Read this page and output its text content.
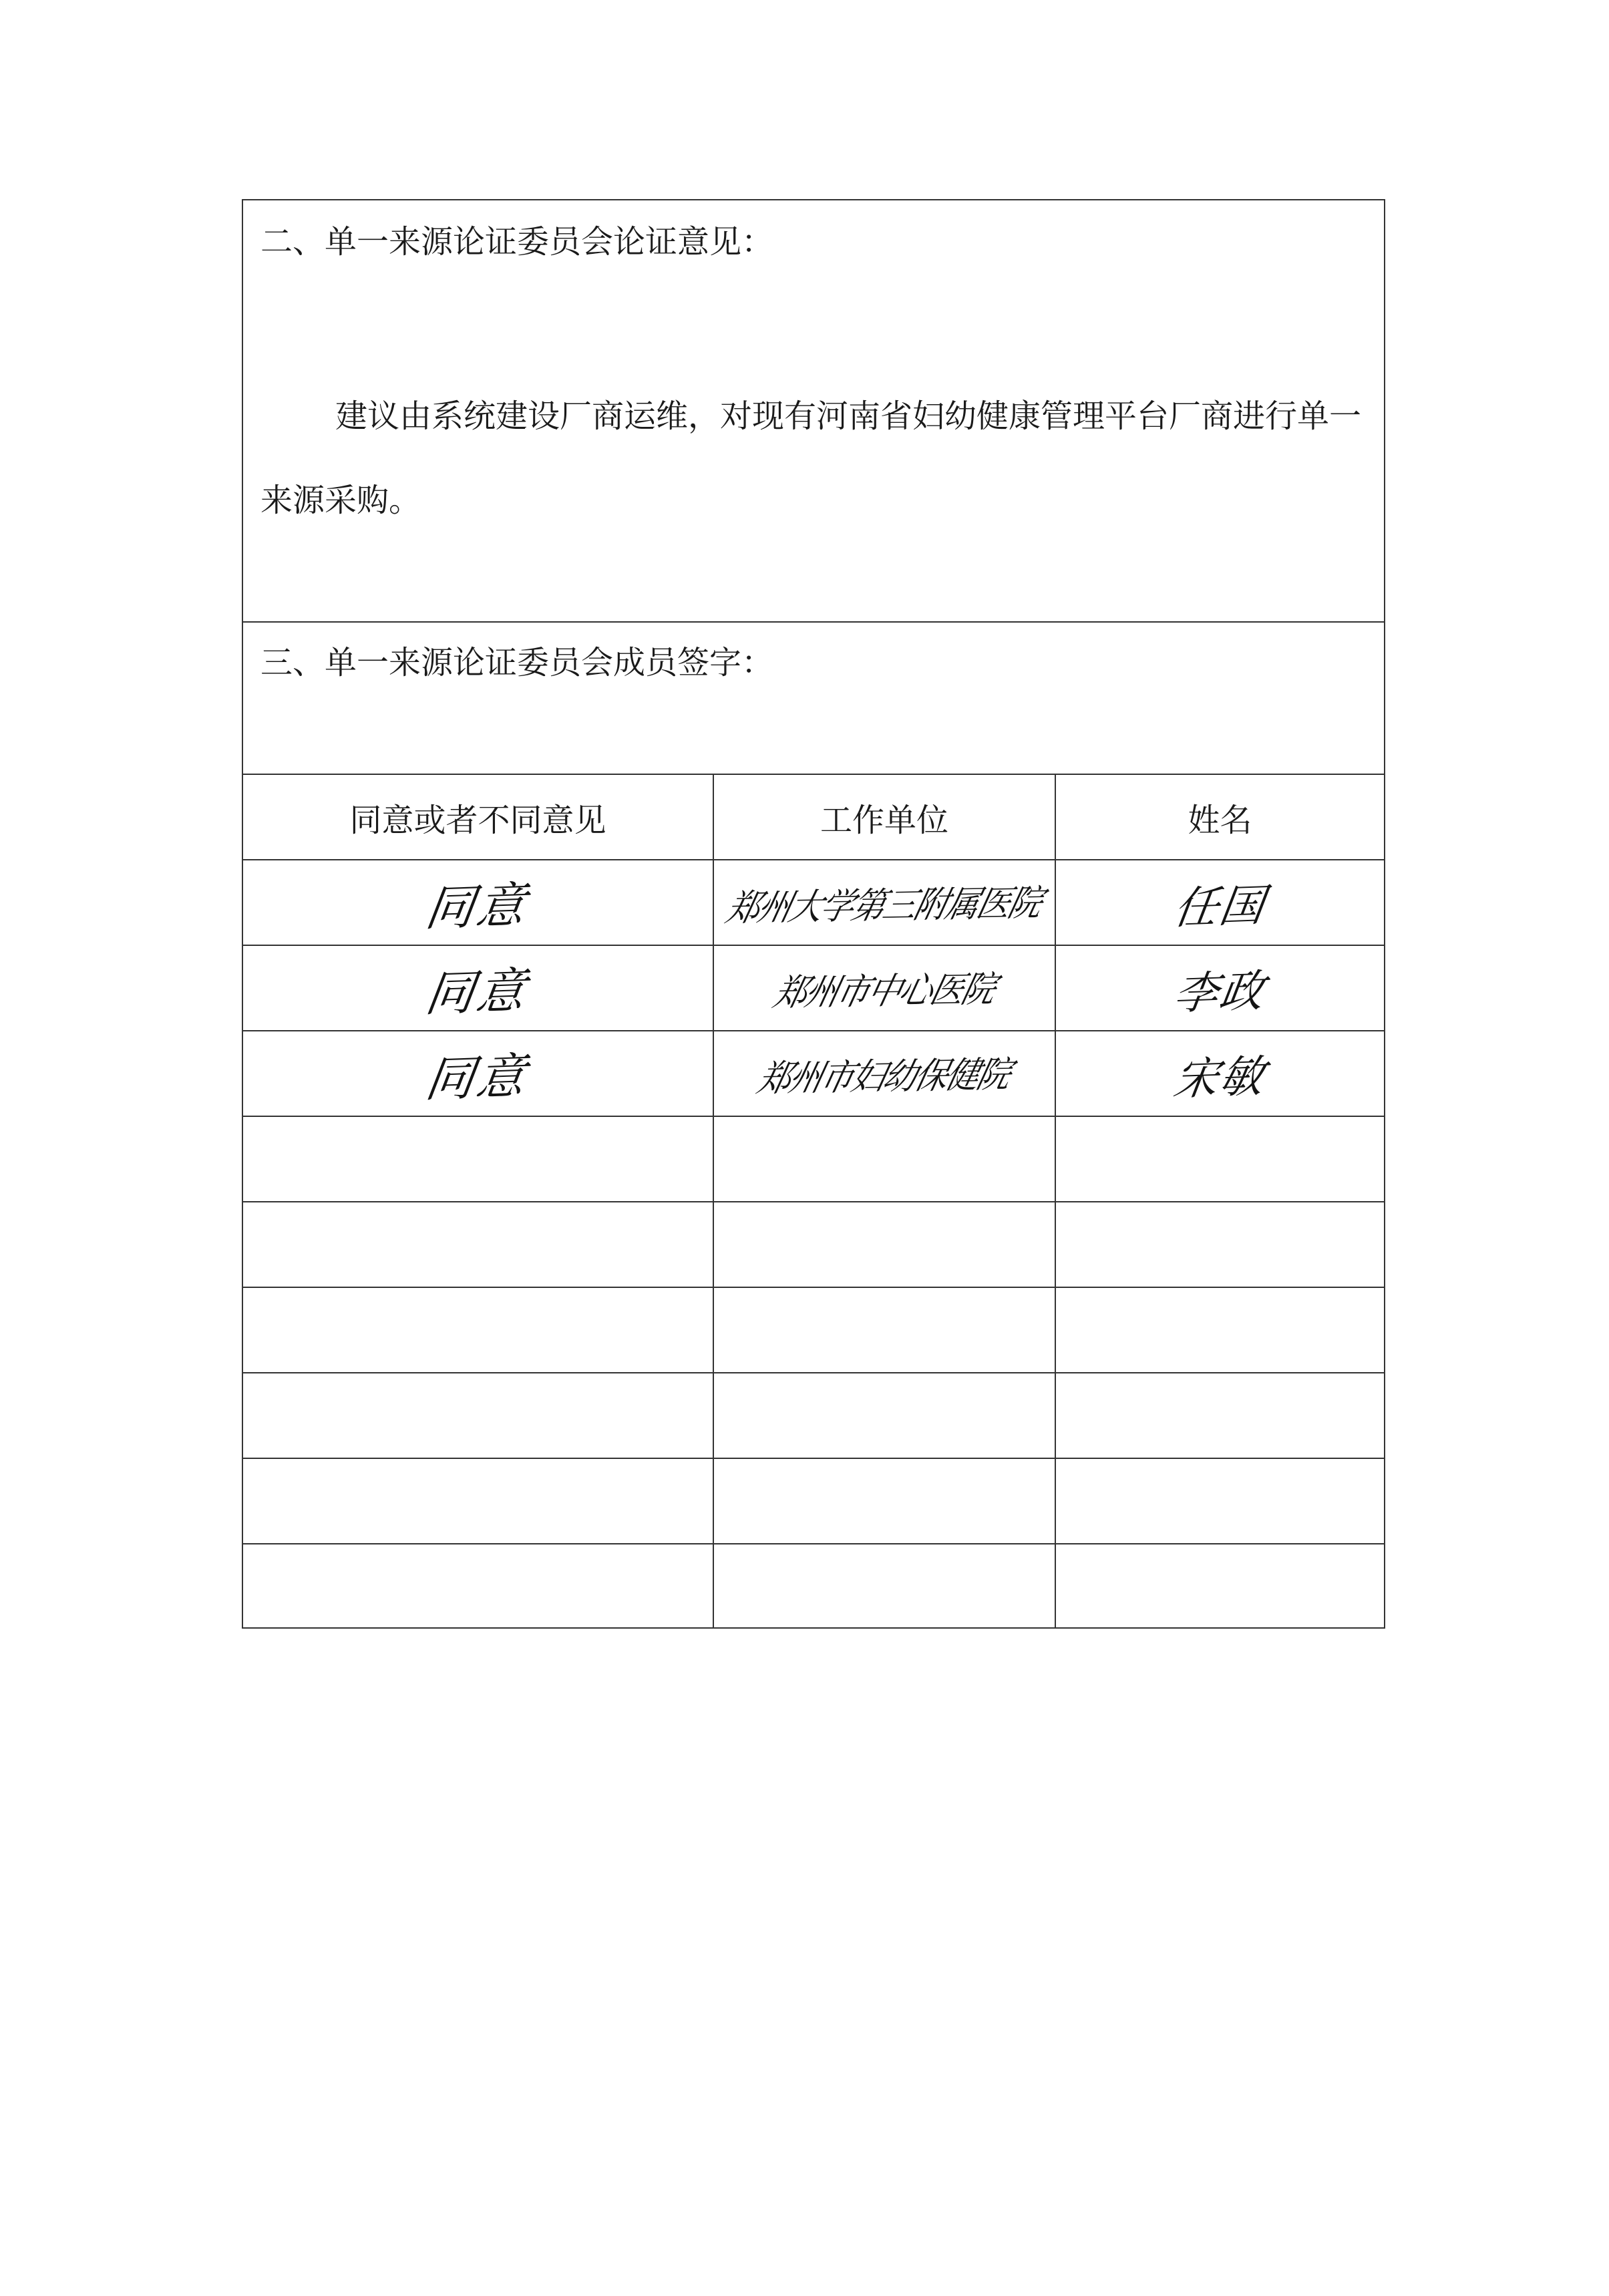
二、单一来源论证委员会论证意见：
建议由系统建设厂商运维，对现有河南省妇幼健康管理平台厂商进行单一来源采购。
三、单一来源论证委员会成员签字：
同意或者不同意见	工作单位	姓名
同意	郑州大学第三附属医院	任国
同意	郑州市中心医院	李政
同意	郑州市妇幼保健院	宋敏
